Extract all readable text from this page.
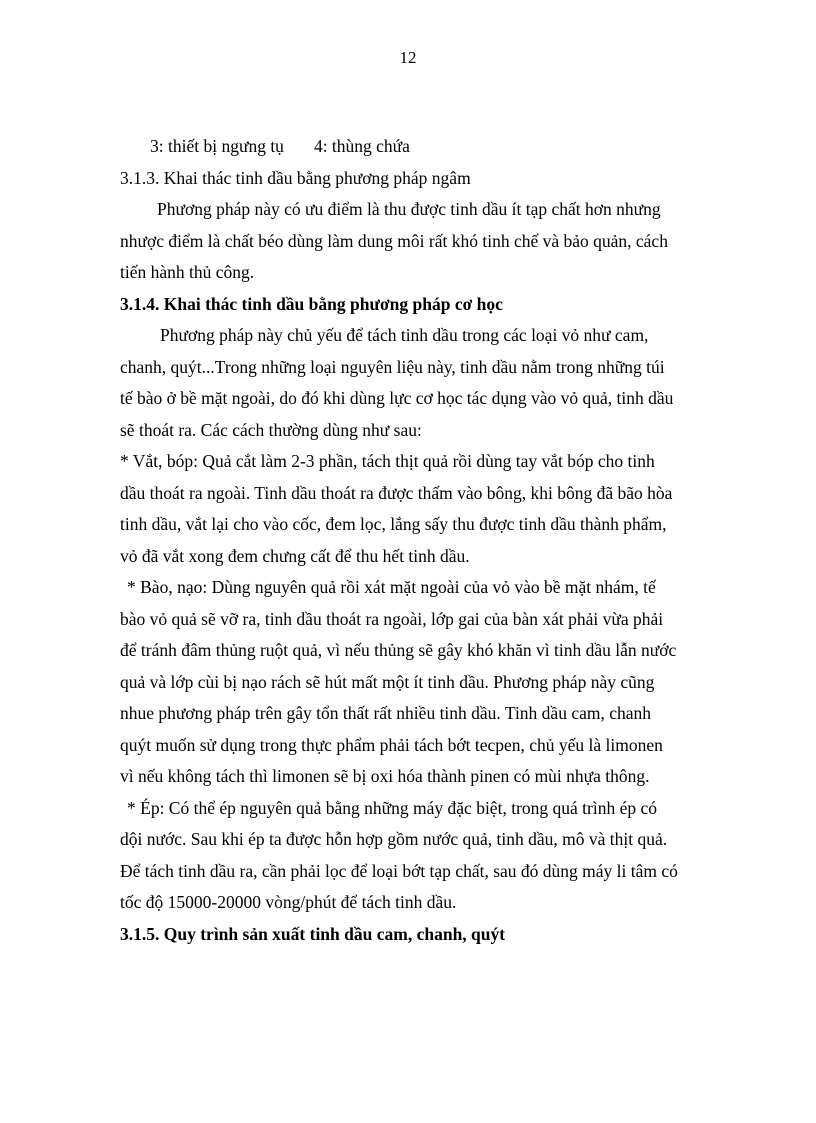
12
3: thiết bị ngưng tụ 4: thùng chứa
3.1.3. Khai thác tinh dầu bằng phương pháp ngâm
Phương pháp này có ưu điểm là thu được tinh dầu ít tạp chất hơn nhưng
nhược điểm là chất béo dùng làm dung môi rất khó tinh chế và bảo quản, cách
tiến hành thủ công.
3.1.4. Khai thác tinh dầu bằng phương pháp cơ học
Phương pháp này chủ yếu để tách tinh dầu trong các loại vỏ như cam,
chanh, quýt...Trong những loại nguyên liệu này, tinh dầu nằm trong những túi
tế bào ở bề mặt ngoài, do đó khi dùng lực cơ học tác dụng vào vỏ quả, tinh dầu
sẽ thoát ra. Các cách thường dùng như sau:
* Vắt, bóp: Quả cắt làm 2-3 phần, tách thịt quả rồi dùng tay vắt bóp cho tinh
dầu thoát ra ngoài. Tinh dầu thoát ra được thấm vào bông, khi bông đã bão hòa
tinh dầu, vắt lại cho vào cốc, đem lọc, lắng sấy thu được tinh dầu thành phẩm,
vỏ đã vắt xong đem chưng cất để thu hết tinh dầu.
* Bào, nạo: Dùng nguyên quả rồi xát mặt ngoài của vỏ vào bề mặt nhám, tế
bào vỏ quả sẽ vỡ ra, tinh dầu thoát ra ngoài, lớp gai của bàn xát phải vừa phải
để tránh đâm thủng ruột quả, vì nếu thủng sẽ gây khó khăn vì tinh dầu lẫn nước
quả và lớp cùi bị nạo rách sẽ hút mất một ít tinh dầu. Phương pháp này cũng
nhue phương pháp trên gây tổn thất rất nhiều tinh dầu. Tinh dầu cam, chanh
quýt muốn sử dụng trong thực phẩm phải tách bớt tecpen, chủ yếu là limonen
vì nếu không tách thì limonen sẽ bị oxi hóa thành pinen có mùi nhựa thông.
* Ép: Có thể ép nguyên quả bằng những máy đặc biệt, trong quá trình ép có
dội nước. Sau khi ép ta được hỗn hợp gồm nước quả, tinh dầu, mô và thịt quả.
Để tách tinh dầu ra, cần phải lọc để loại bớt tạp chất, sau đó dùng máy li tâm có
tốc độ 15000-20000 vòng/phút để tách tinh dầu.
3.1.5. Quy trình sản xuất tinh dầu cam, chanh, quýt
